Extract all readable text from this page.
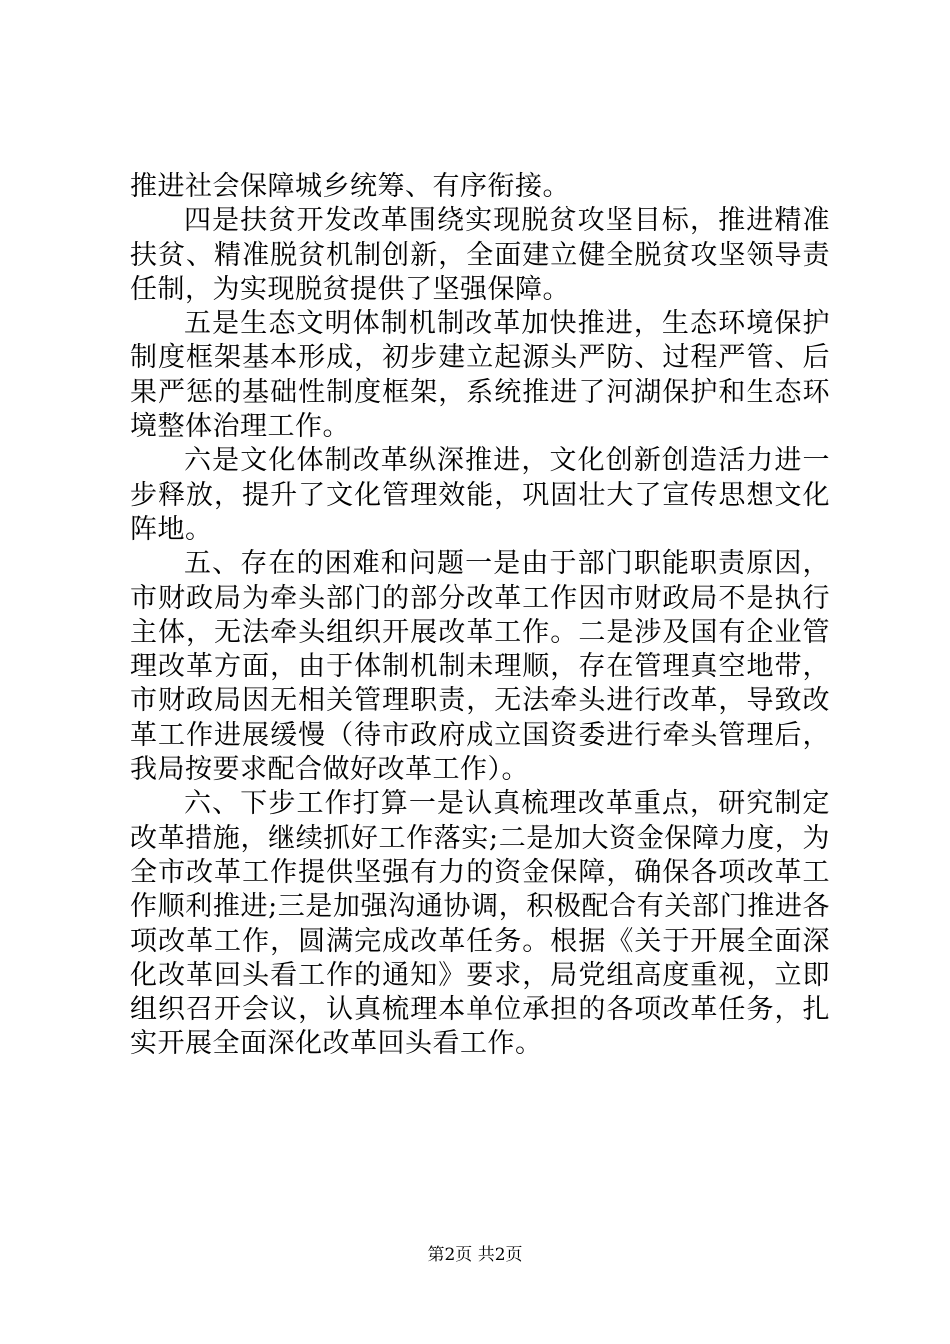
推进社会保障城乡统筹、有序衔接。

四是扶贫开发改革围绕实现脱贫攻坚目标，推进精准扶贫、精准脱贫机制创新，全面建立健全脱贫攻坚领导责任制，为实现脱贫提供了坚强保障。

五是生态文明体制机制改革加快推进，生态环境保护制度框架基本形成，初步建立起源头严防、过程严管、后果严惩的基础性制度框架，系统推进了河湖保护和生态环境整体治理工作。

六是文化体制改革纵深推进，文化创新创造活力进一步释放，提升了文化管理效能，巩固壮大了宣传思想文化阵地。

五、存在的困难和问题一是由于部门职能职责原因，市财政局为牵头部门的部分改革工作因市财政局不是执行主体，无法牵头组织开展改革工作。二是涉及国有企业管理改革方面，由于体制机制未理顺，存在管理真空地带，市财政局因无相关管理职责，无法牵头进行改革，导致改革工作进展缓慢（待市政府成立国资委进行牵头管理后，我局按要求配合做好改革工作）。

六、下步工作打算一是认真梳理改革重点，研究制定改革措施，继续抓好工作落实;二是加大资金保障力度，为全市改革工作提供坚强有力的资金保障，确保各项改革工作顺利推进;三是加强沟通协调，积极配合有关部门推进各项改革工作，圆满完成改革任务。根据《关于开展全面深化改革回头看工作的通知》要求，局党组高度重视，立即组织召开会议，认真梳理本单位承担的各项改革任务，扎实开展全面深化改革回头看工作。

第2页 共2页
